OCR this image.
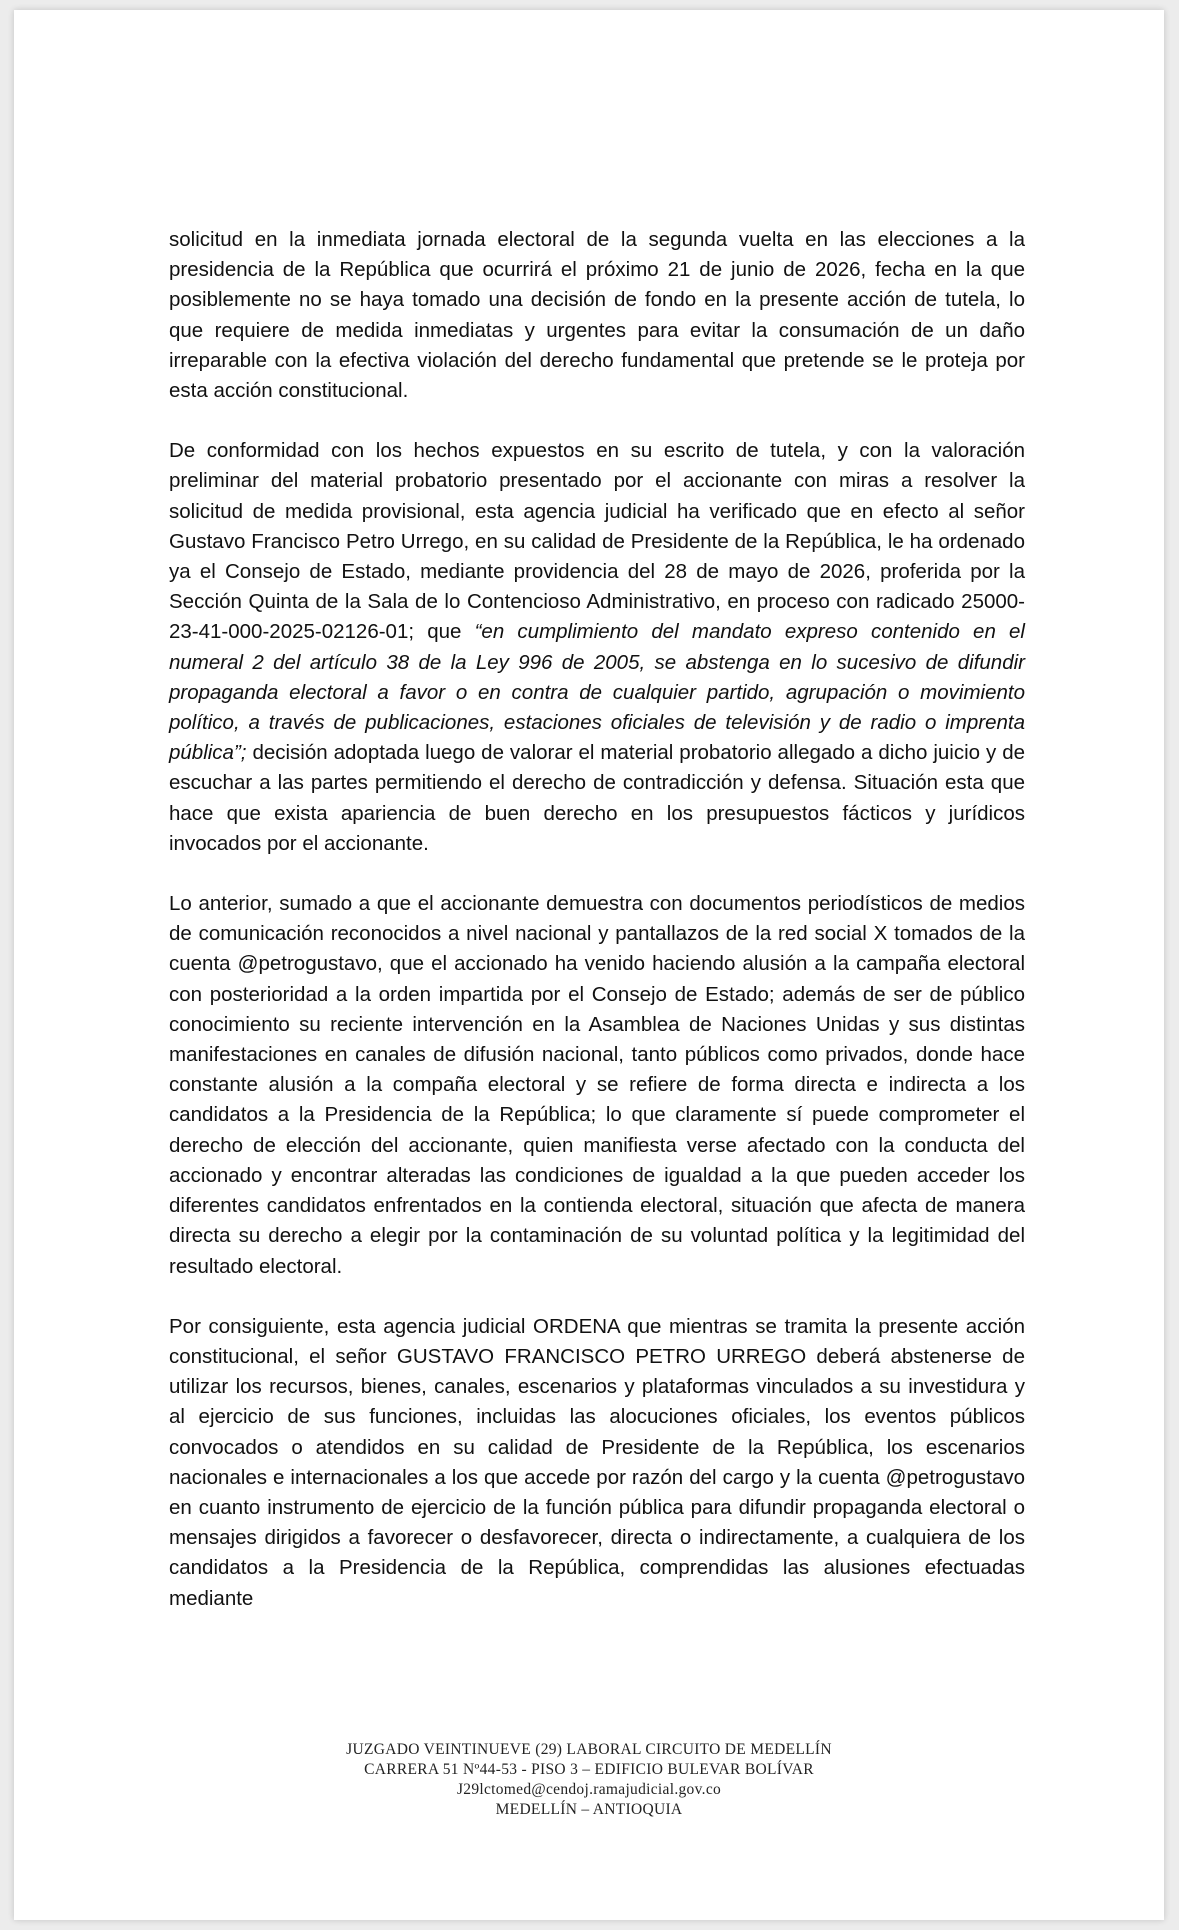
solicitud en la inmediata jornada electoral de la segunda vuelta en las elecciones a la presidencia de la República que ocurrirá el próximo 21 de junio de 2026, fecha en la que posiblemente no se haya tomado una decisión de fondo en la presente acción de tutela, lo que requiere de medida inmediatas y urgentes para evitar la consumación de un daño irreparable con la efectiva violación del derecho fundamental que pretende se le proteja por esta acción constitucional.

De conformidad con los hechos expuestos en su escrito de tutela, y con la valoración preliminar del material probatorio presentado por el accionante con miras a resolver la solicitud de medida provisional, esta agencia judicial ha verificado que en efecto al señor Gustavo Francisco Petro Urrego, en su calidad de Presidente de la República, le ha ordenado ya el Consejo de Estado, mediante providencia del 28 de mayo de 2026, proferida por la Sección Quinta de la Sala de lo Contencioso Administrativo, en proceso con radicado 25000-23-41-000-2025-02126-01; que “en cumplimiento del mandato expreso contenido en el numeral 2 del artículo 38 de la Ley 996 de 2005, se abstenga en lo sucesivo de difundir propaganda electoral a favor o en contra de cualquier partido, agrupación o movimiento político, a través de publicaciones, estaciones oficiales de televisión y de radio o imprenta pública”; decisión adoptada luego de valorar el material probatorio allegado a dicho juicio y de escuchar a las partes permitiendo el derecho de contradicción y defensa. Situación esta que hace que exista apariencia de buen derecho en los presupuestos fácticos y jurídicos invocados por el accionante.

Lo anterior, sumado a que el accionante demuestra con documentos periodísticos de medios de comunicación reconocidos a nivel nacional y pantallazos de la red social X tomados de la cuenta @petrogustavo, que el accionado ha venido haciendo alusión a la campaña electoral con posterioridad a la orden impartida por el Consejo de Estado; además de ser de público conocimiento su reciente intervención en la Asamblea de Naciones Unidas y sus distintas manifestaciones en canales de difusión nacional, tanto públicos como privados, donde hace constante alusión a la compaña electoral y se refiere de forma directa e indirecta a los candidatos a la Presidencia de la República; lo que claramente sí puede comprometer el derecho de elección del accionante, quien manifiesta verse afectado con la conducta del accionado y encontrar alteradas las condiciones de igualdad a la que pueden acceder los diferentes candidatos enfrentados en la contienda electoral, situación que afecta de manera directa su derecho a elegir por la contaminación de su voluntad política y la legitimidad del resultado electoral.

Por consiguiente, esta agencia judicial ORDENA que mientras se tramita la presente acción constitucional, el señor GUSTAVO FRANCISCO PETRO URREGO deberá abstenerse de utilizar los recursos, bienes, canales, escenarios y plataformas vinculados a su investidura y al ejercicio de sus funciones, incluidas las alocuciones oficiales, los eventos públicos convocados o atendidos en su calidad de Presidente de la República, los escenarios nacionales e internacionales a los que accede por razón del cargo y la cuenta @petrogustavo en cuanto instrumento de ejercicio de la función pública para difundir propaganda electoral o mensajes dirigidos a favorecer o desfavorecer, directa o indirectamente, a cualquiera de los candidatos a la Presidencia de la República, comprendidas las alusiones efectuadas mediante

JUZGADO VEINTINUEVE (29) LABORAL CIRCUITO DE MEDELLÍN
CARRERA 51 Nº44-53 - PISO 3 – EDIFICIO BULEVAR BOLÍVAR
J29lctomed@cendoj.ramajudicial.gov.co
MEDELLÍN – ANTIOQUIA
